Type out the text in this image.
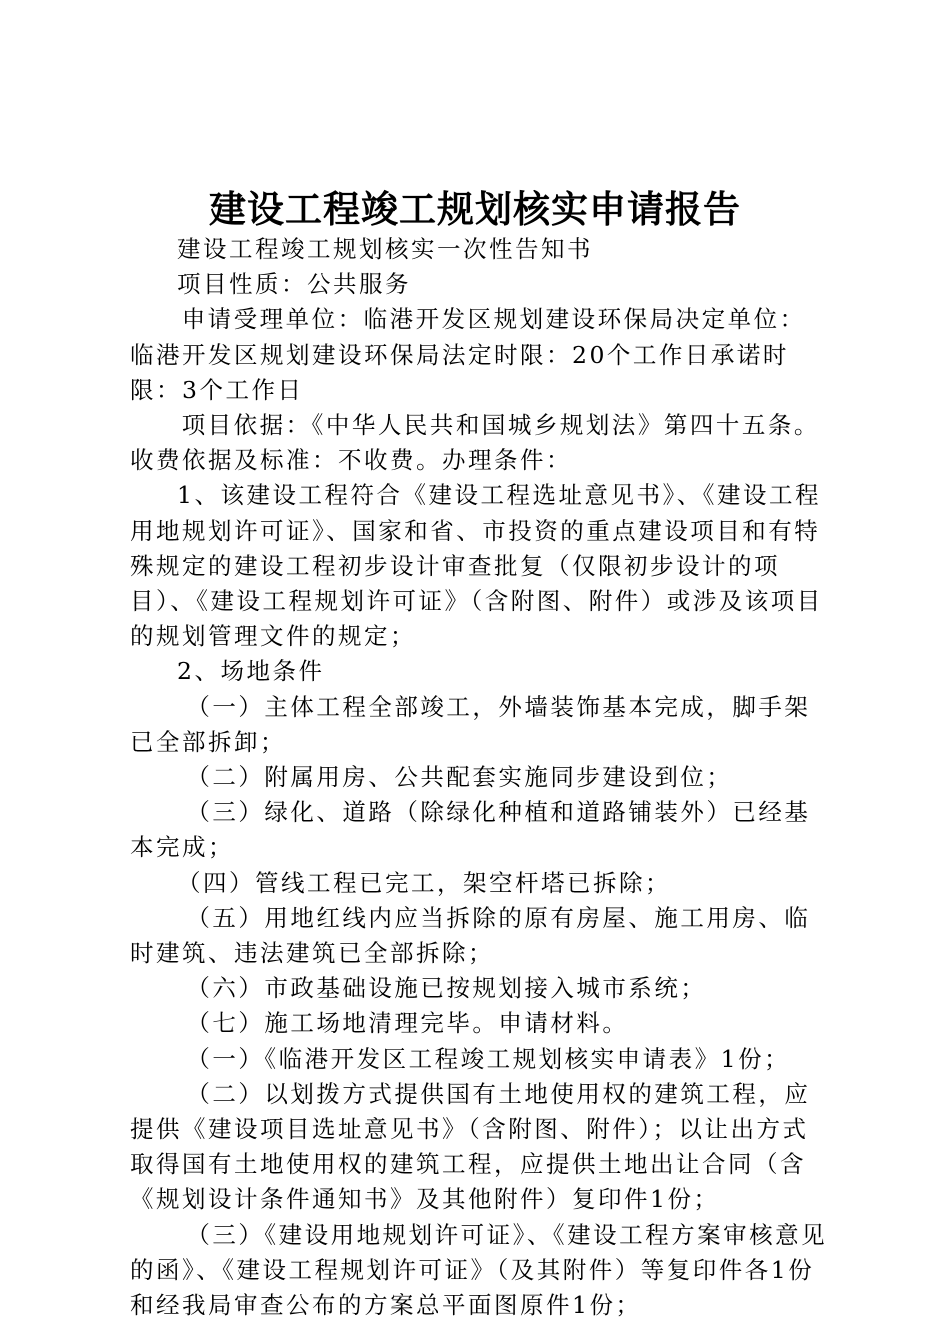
建设工程竣工规划核实申请报告

建设工程竣工规划核实一次性告知书

项目性质：公共服务

申请受理单位：临港开发区规划建设环保局决定单位：临港开发区规划建设环保局法定时限：20个工作日承诺时限：3个工作日

项目依据：《中华人民共和国城乡规划法》第四十五条。收费依据及标准：不收费。办理条件：

1、该建设工程符合《建设工程选址意见书》、《建设工程用地规划许可证》、国家和省、市投资的重点建设项目和有特殊规定的建设工程初步设计审查批复（仅限初步设计的项目）、《建设工程规划许可证》（含附图、附件）或涉及该项目的规划管理文件的规定；

2、场地条件

（一）主体工程全部竣工，外墙装饰基本完成，脚手架已全部拆卸；

（二）附属用房、公共配套实施同步建设到位；

（三）绿化、道路（除绿化种植和道路铺装外）已经基本完成；

（四）管线工程已完工，架空杆塔已拆除；

（五）用地红线内应当拆除的原有房屋、施工用房、临时建筑、违法建筑已全部拆除；

（六）市政基础设施已按规划接入城市系统；

（七）施工场地清理完毕。申请材料。

（一）《临港开发区工程竣工规划核实申请表》1份；

（二）以划拨方式提供国有土地使用权的建筑工程，应提供《建设项目选址意见书》（含附图、附件）；以让出方式取得国有土地使用权的建筑工程，应提供土地出让合同（含《规划设计条件通知书》及其他附件）复印件1份；

（三）《建设用地规划许可证》、《建设工程方案审核意见的函》、《建设工程规划许可证》（及其附件）等复印件各1份和经我局审查公布的方案总平面图原件1份；
